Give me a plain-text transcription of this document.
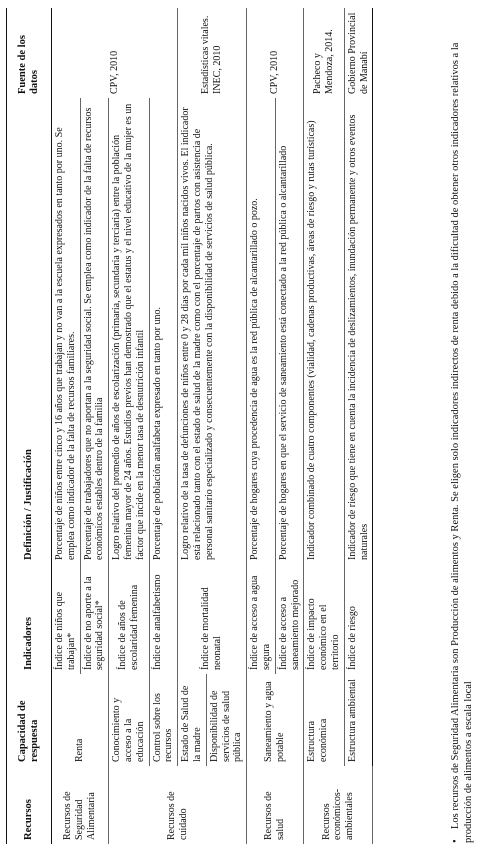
Recursos	Capacidad de respuesta	Indicadores	Definición / Justificación	Fuente de los datos
Recursos de Seguridad Alimentaria	Renta	Índice de niños que trabajan*	Porcentaje de niños entre cinco y 16 años que trabajan y no van a la escuela expresados en tanto por uno. Se emplea como indicador de la falta de recursos familiares.	CPV, 2010
		Índice de no aporte a la seguridad social*	Porcentaje de trabajadores que no aportan a la seguridad social. Se emplea como indicador de la falta de recursos económicos estables dentro de la familia	
Recursos de cuidado	Conocimiento y acceso a la educación	Índice de años de escolaridad femenina	Logro relativo del promedio de años de escolarización (primaria, secundaria y terciaria) entre la población femenina mayor de 24 años. Estudios previos han demostrado que el estatus y el nivel educativo de la mujer es un factor que incide en la menor tasa de desnutrición infantil	
	Control sobre los recursos	Índice de analfabetismo	Porcentaje de población analfabeta expresado en tanto por uno.	
	Estado de Salud de la madre	Índice de mortalidad neonatal	Logro relativo de la tasa de defunciones de niños entre 0 y 28 días por cada mil niños nacidos vivos. El indicador está relacionado tanto con el estado de salud de la madre como con el porcentaje de partos con asistencia de personal sanitario especializado y consecuentemente con la disponibilidad de servicios de salud pública.	Estadísticas vitales. INEC, 2010
	Disponibilidad de servicios de salud pública			
Recursos de salud	Saneamiento y agua potable	Índice de acceso a agua segura	Porcentaje de hogares cuya procedencia de agua es la red pública de alcantarillado o pozo.	CPV, 2010
		Índice de acceso a saneamiento mejorado	Porcentaje de hogares en que el servicio de saneamiento está conectado a la red pública o alcantarillado	
Recursos económicos-ambientales	Estructura económica	Índice de impacto económico en el territorio	Indicador combinado de cuatro componentes (vialidad, cadenas productivas, áreas de riesgo y rutas turísticas)	Pacheco y Mendoza, 2014.
	Estructura ambiental	Índice de riesgo	Indicador de riesgo que tiene en cuenta la incidencia de deslizamientos, inundación permanente y otros eventos naturales	Gobierno Provincial de Manabí
•Los recursos de Seguridad Alimentaria son Producción de alimentos y Renta. Se eligen solo indicadores indirectos de renta debido a la dificultad de obtener otros indicadores relativos a la producción de alimentos a escala local
